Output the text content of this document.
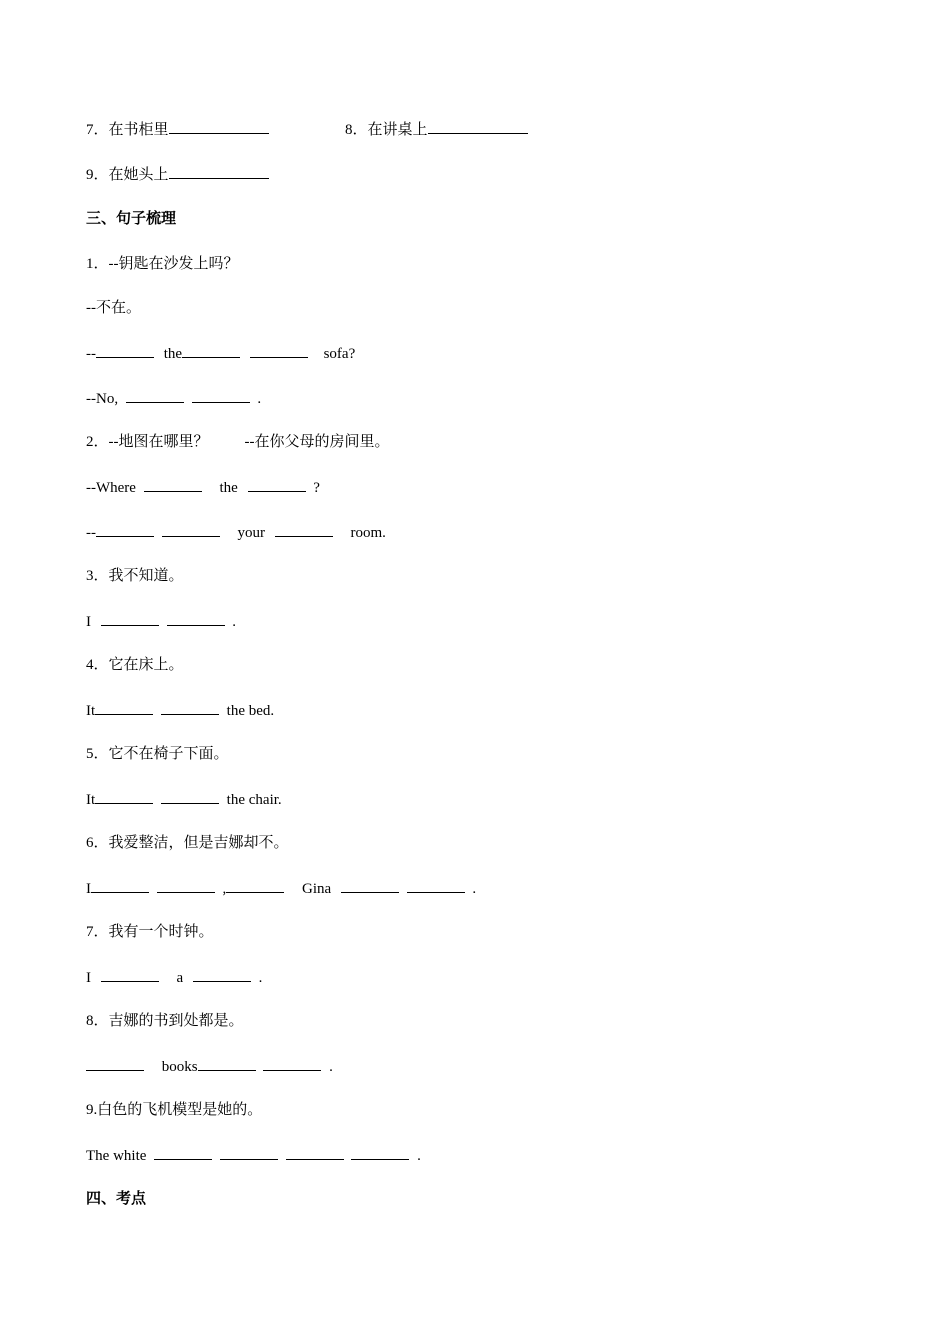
7．在书柜里	8．在讲桌上
9．在她头上
三、句子梳理
1．--钥匙在沙发上吗？
--不在。
--	the	sofa?
--No,	.
2．--地图在哪里？ --在你父母的房间里。
--Where	the	?
--	your	room.
3．我不知道。
I	.
4．它在床上。
It	the bed.
5．它不在椅子下面。
It	the chair.
6．我爱整洁，但是吉娜却不。
I	,	Gina	.
7．我有一个时钟。
I	a	.
8．吉娜的书到处都是。
books	.
9.白色的飞机模型是她的。
The white	.
四、考点
